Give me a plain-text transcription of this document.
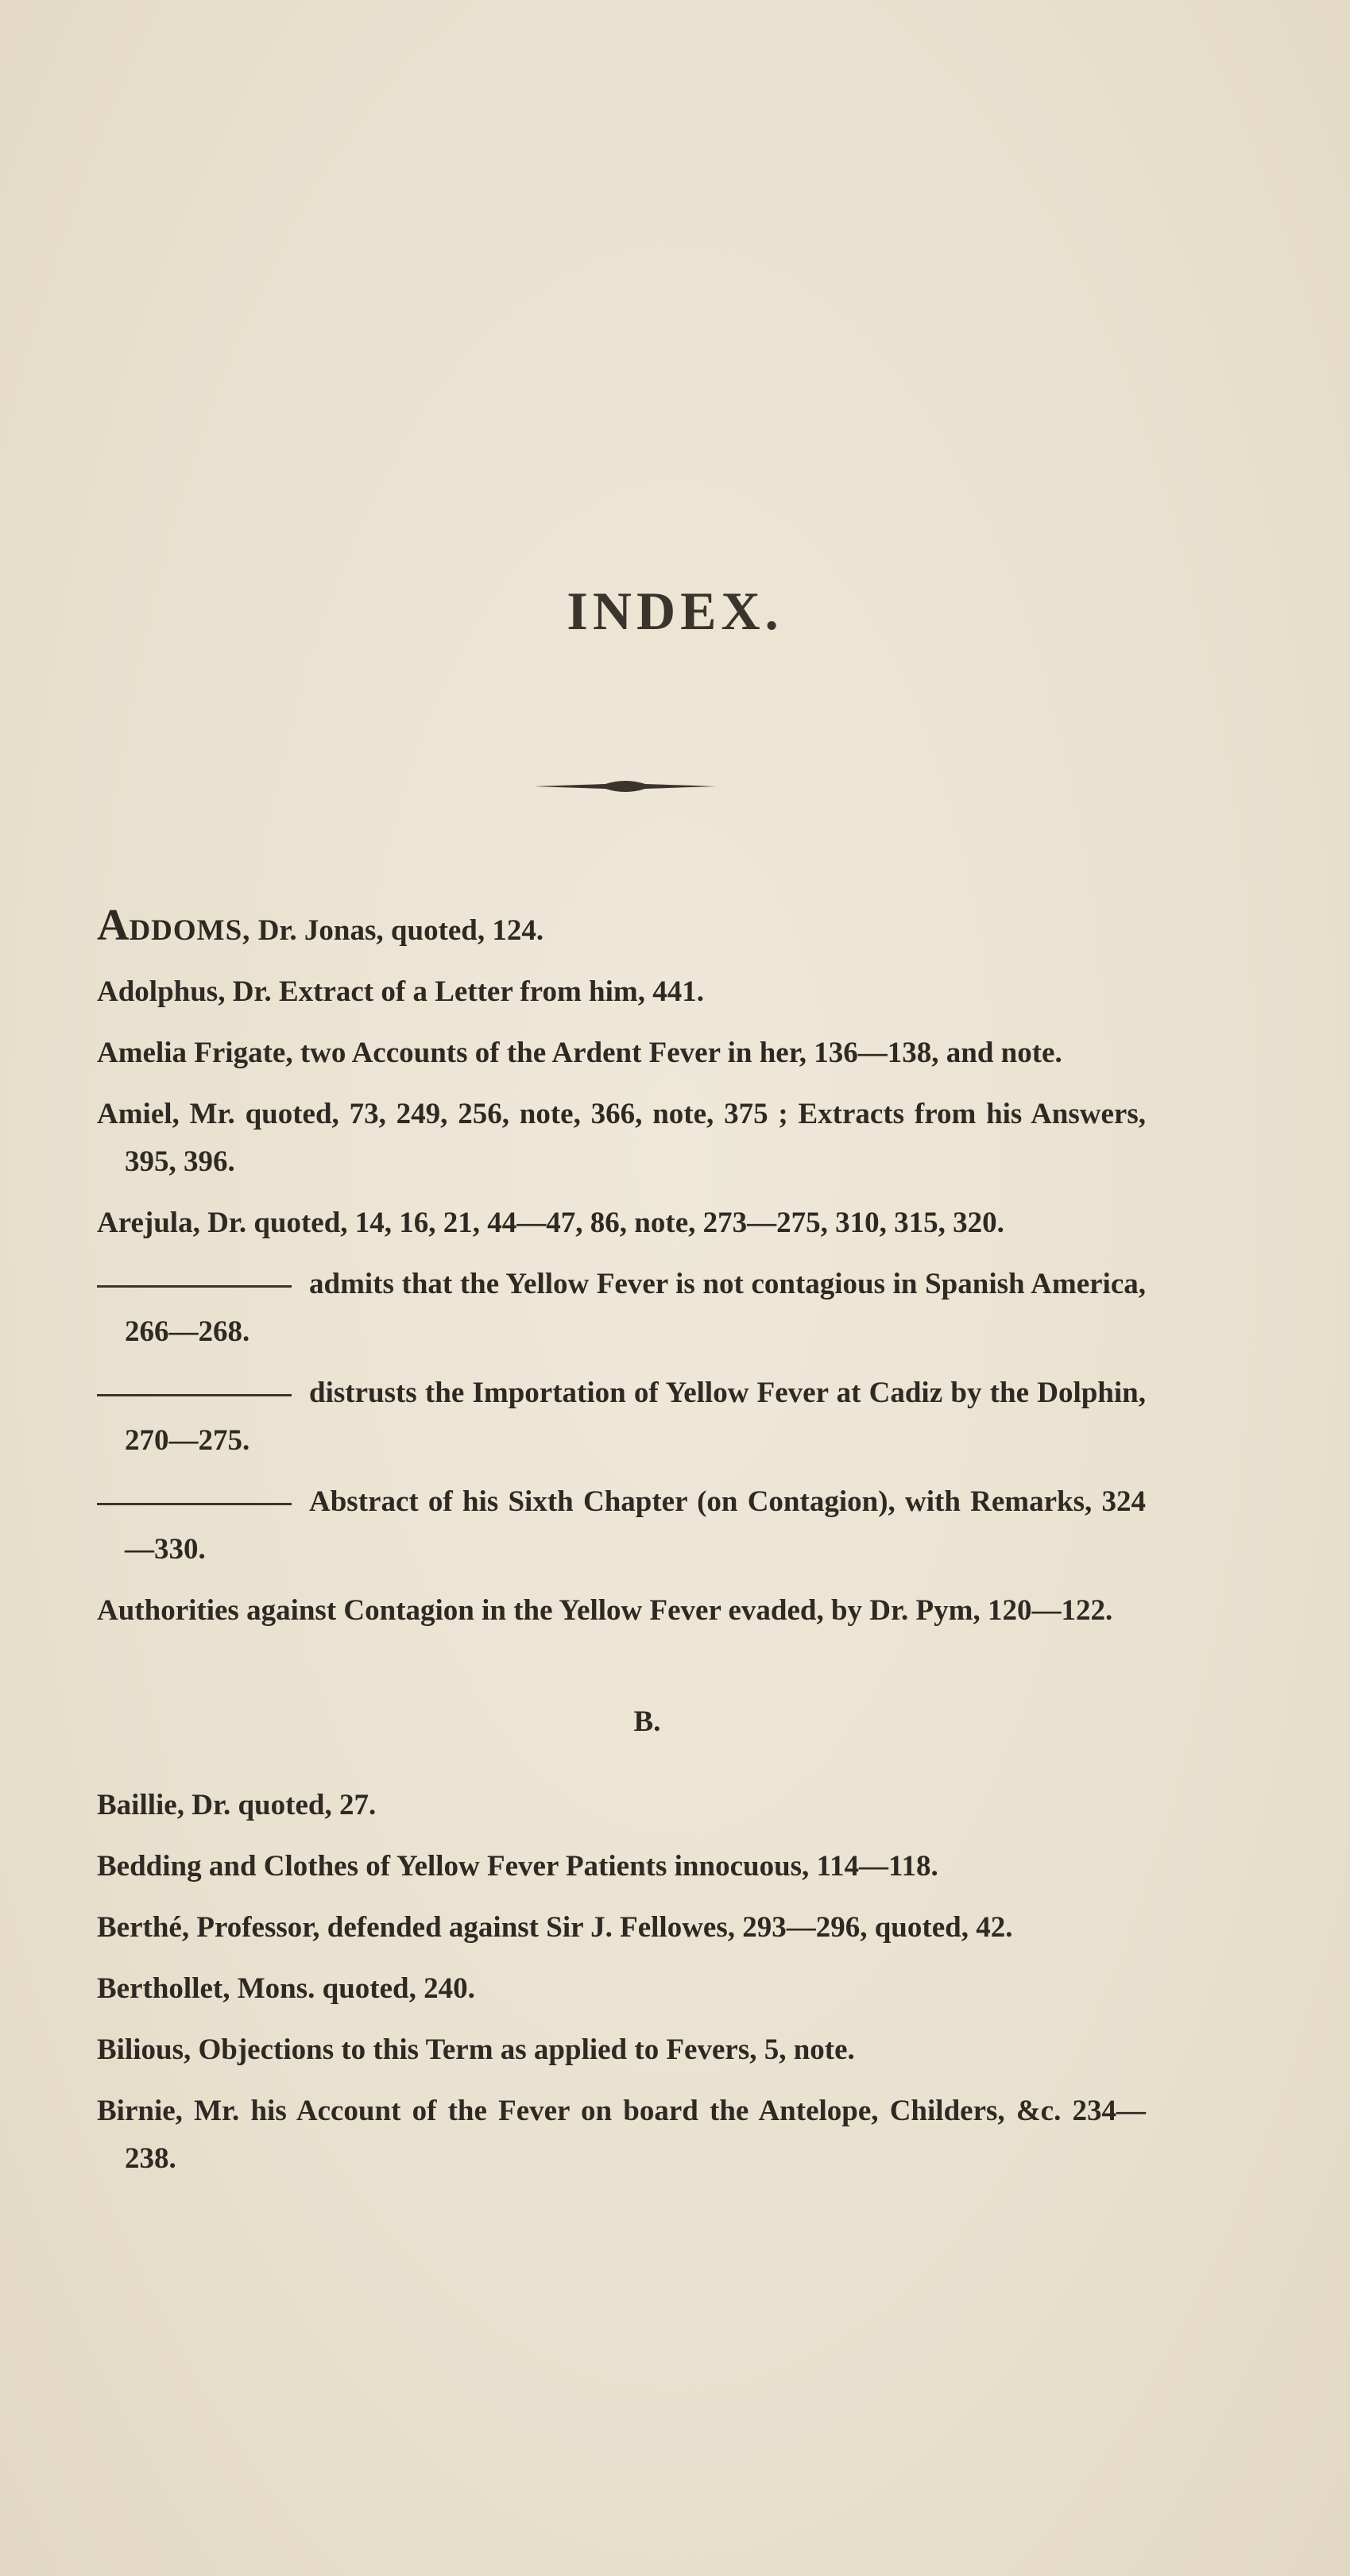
INDEX.
ADDOMS, Dr. Jonas, quoted, 124.
Adolphus, Dr. Extract of a Letter from him, 441.
Amelia Frigate, two Accounts of the Ardent Fever in her, 136—138, and note.
Amiel, Mr. quoted, 73, 249, 256, note, 366, note, 375 ; Extracts from his Answers, 395, 396.
Arejula, Dr. quoted, 14, 16, 21, 44—47, 86, note, 273—275, 310, 315, 320.
admits that the Yellow Fever is not contagious in Spanish America, 266—268.
distrusts the Importation of Yellow Fever at Cadiz by the Dolphin, 270—275.
Abstract of his Sixth Chapter (on Contagion), with Remarks, 324—330.
Authorities against Contagion in the Yellow Fever evaded, by Dr. Pym, 120—122.
B.
Baillie, Dr. quoted, 27.
Bedding and Clothes of Yellow Fever Patients innocuous, 114—118.
Berthé, Professor, defended against Sir J. Fellowes, 293—296, quoted, 42.
Berthollet, Mons. quoted, 240.
Bilious, Objections to this Term as applied to Fevers, 5, note.
Birnie, Mr. his Account of the Fever on board the Antelope, Childers, &c. 234—238.
